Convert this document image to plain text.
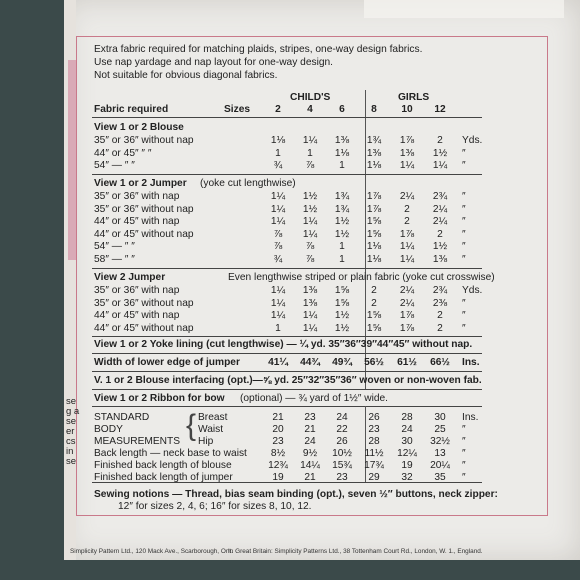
Extra fabric required for matching plaids, stripes, one-way design fabrics.
Use nap yardage and nap layout for one-way design.
Not suitable for obvious diagonal fabrics.
CHILD'S	GIRLS
Fabric required	Sizes	2	4	6	8	10	12
View 1 or 2 Blouse
35″ or 36″ without nap	1⅛	1¼	1⅜	1¾	1⅞	2	Yds.
44″ or 45″ ″ ″	1	1	1⅛	1⅜	1⅜	1½	″
54″ — ″ ″	¾	⅞	1	1⅛	1¼	1¼	″
View 1 or 2 Jumper (yoke cut lengthwise)
35″ or 36″ with nap	1¼	1½	1¾	1⅞	2¼	2¾	″
35″ or 36″ without nap	1¼	1½	1¾	1⅞	2	2¼	″
44″ or 45″ with nap	1¼	1¼	1½	1⅝	2	2¼	″
44″ or 45″ without nap	⅞	1¼	1½	1⅝	1⅞	2	″
54″ — ″ ″	⅞	⅞	1	1⅛	1¼	1½	″
58″ — ″ ″	¾	⅞	1	1⅛	1¼	1⅜	″
View 2 Jumper	Even lengthwise striped or plain fabric (yoke cut crosswise)
35″ or 36″ with nap	1¼	1⅜	1⅝	2	2¼	2¾	Yds.
35″ or 36″ without nap	1¼	1⅜	1⅝	2	2¼	2⅜	″
44″ or 45″ with nap	1¼	1¼	1½	1⅝	1⅞	2	″
44″ or 45″ without nap	1	1¼	1½	1⅝	1⅞	2	″
View 1 or 2 Yoke lining (cut lengthwise) — ¼ yd. 35″36″39″44″45″ without nap.
Width of lower edge of jumper	41¼	44¾	49¾	56½	61½	66½	Ins.
V. 1 or 2 Blouse interfacing (opt.)—⅝ yd. 25″32″35″36″ woven or non-woven fab.
View 1 or 2 Ribbon for bow (optional) — ¾ yard of 1½″ wide.
STANDARD
BODY
MEASUREMENTS { Breast	21	23	24	26	28	30	Ins.
Waist	20	21	22	23	24	25	″
Hip	23	24	26	28	30	32½	″
Back length — neck base to waist	8½	9½	10½	11½	12¼	13	″
Finished back length of blouse	12¾	14¼	15¾	17¾	19	20¼	″
Finished back length of jumper	19	21	23	29	32	35	″
Sewing notions — Thread, bias seam binding (opt.), seven ½″ buttons, neck zipper:
12″ for sizes 2, 4, 6; 16″ for sizes 8, 10, 12.
Simplicity Pattern Ltd., 120 Mack Ave., Scarborough, Ont.
In Great Britain: Simplicity Patterns Ltd., 38 Tottenham Court Rd., London, W. 1., England.
se
g a
se
er
cs
in
se
